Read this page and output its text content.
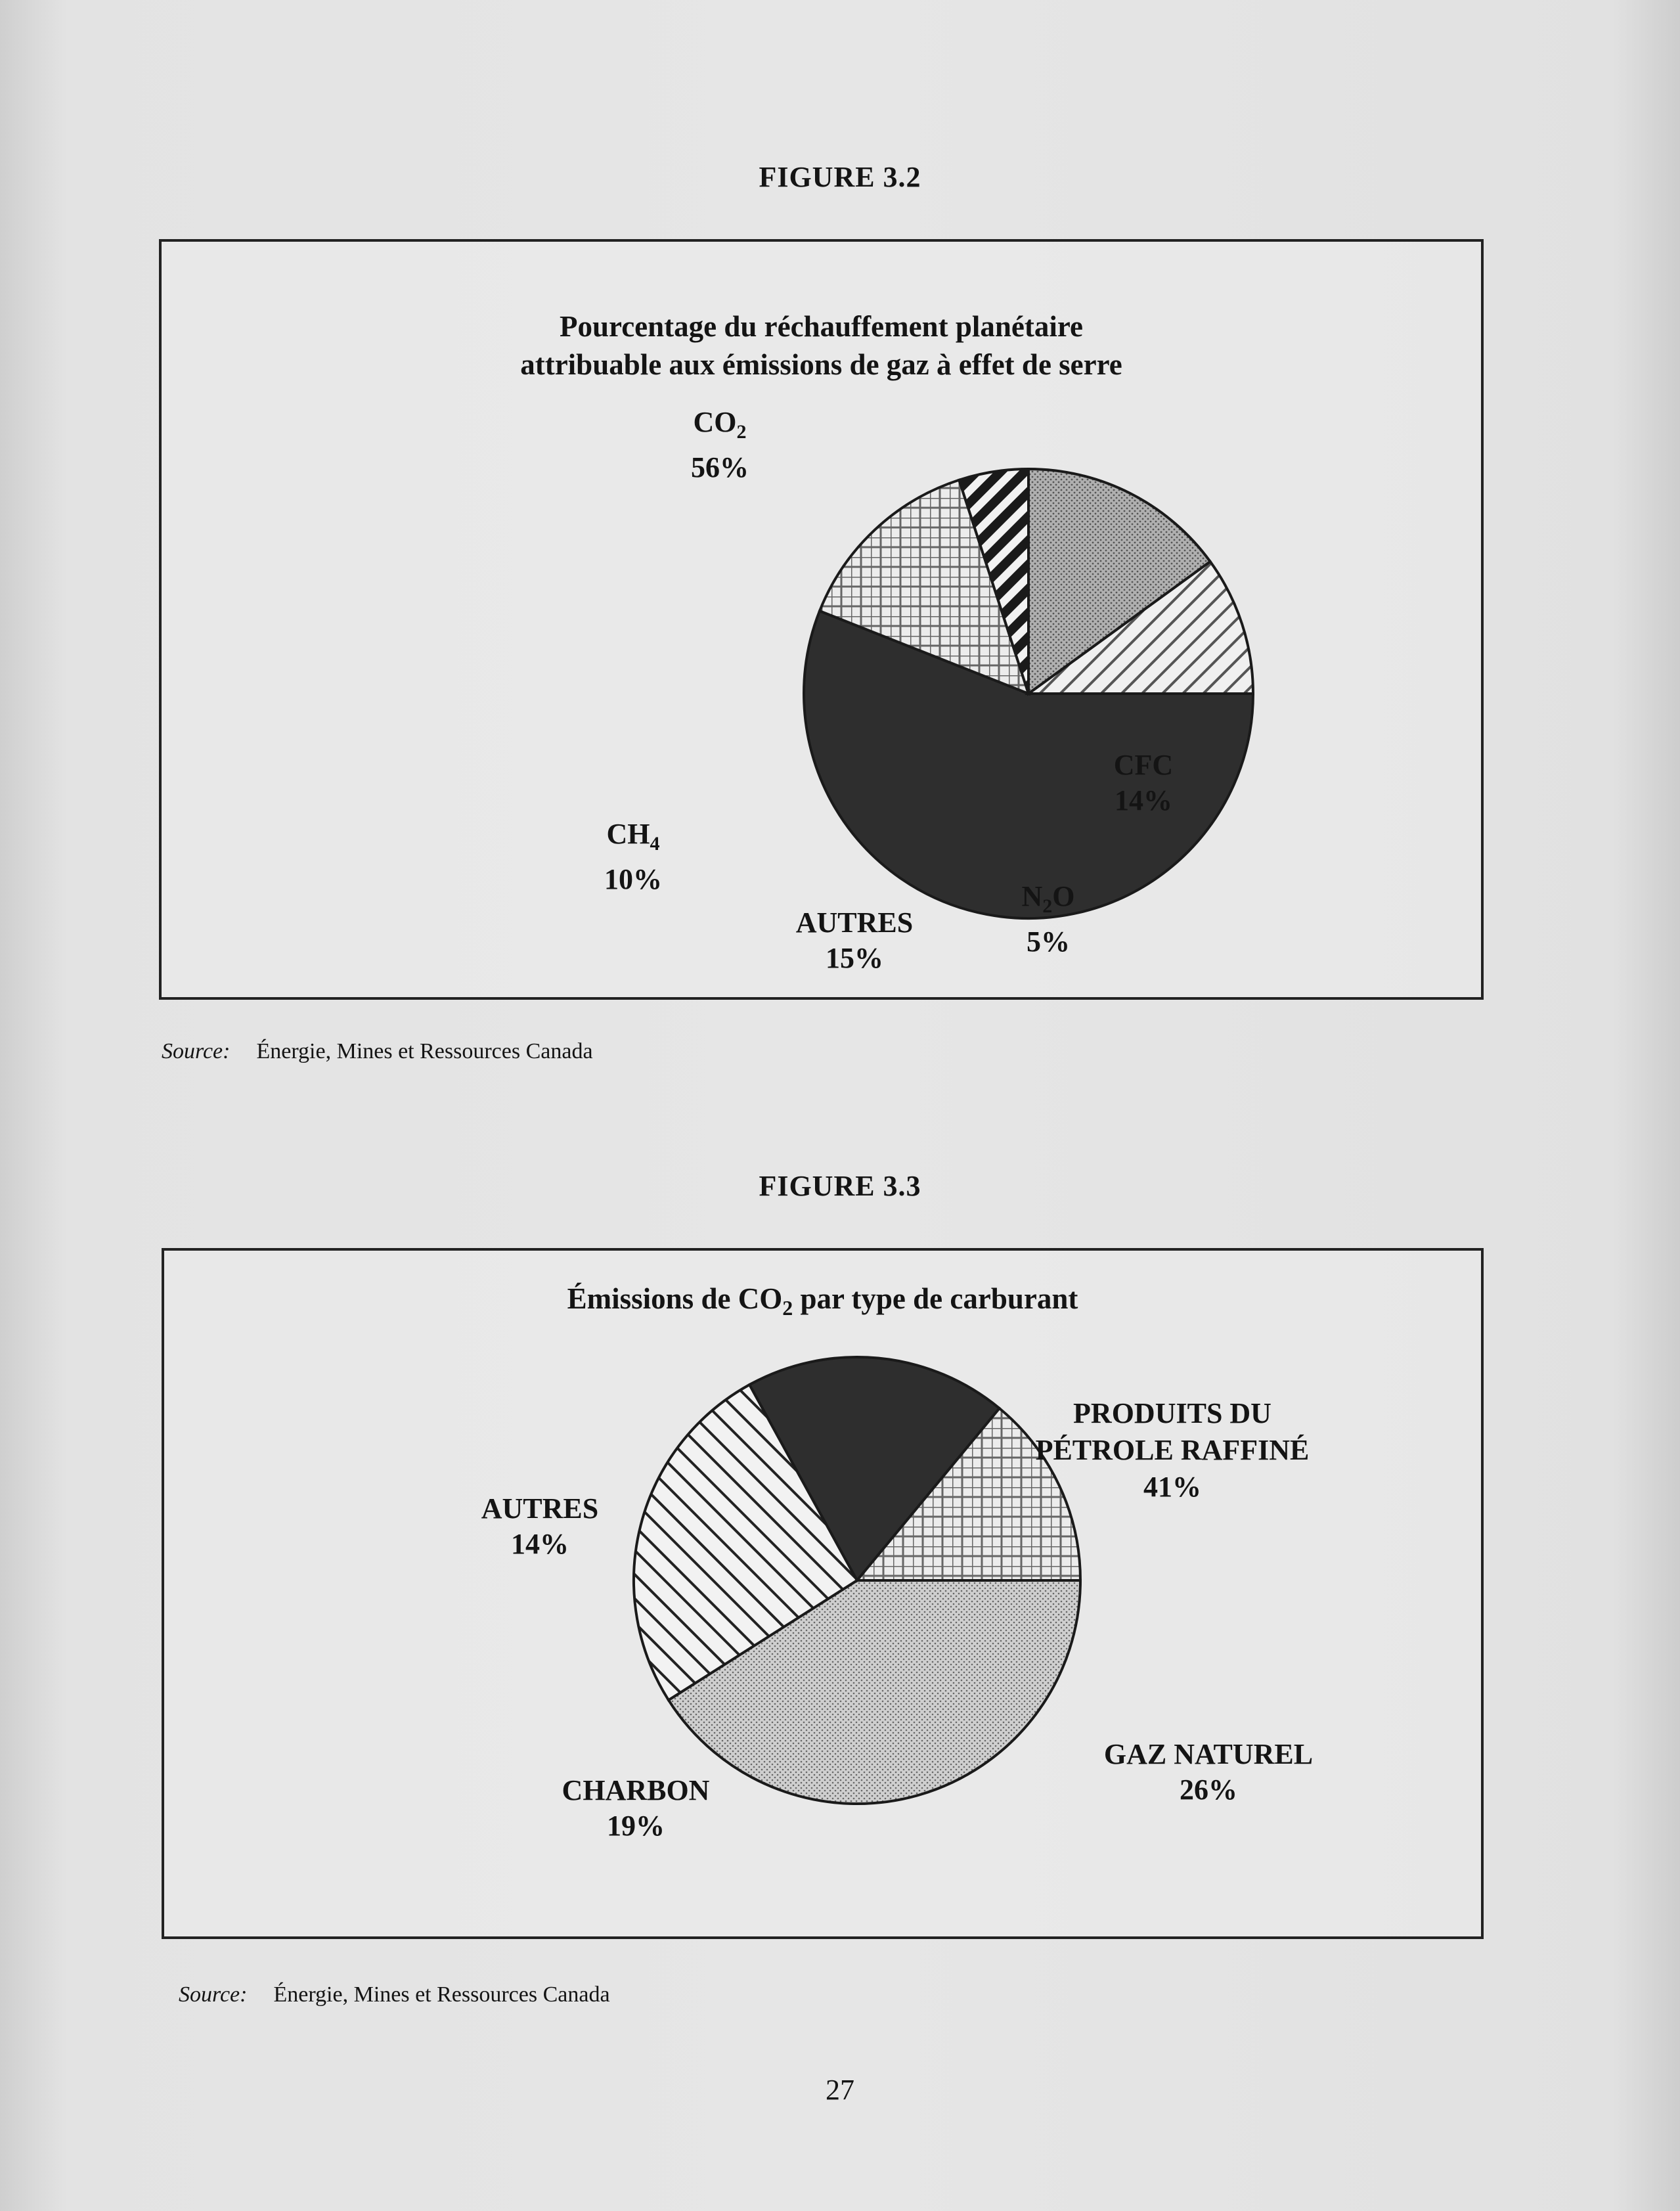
FIGURE 3.2
Pourcentage du réchauffement planétaire
attribuable aux émissions de gaz à effet de serre
$CO_2$
56%
CFC
14%
$N_2O$
5%
AUTRES
15%
$CH_4$
10%
Source: Énergie, Mines et Ressources Canada
FIGURE 3.3
Émissions de $CO_2$ par type de carburant
PRODUITS DU
PÉTROLE RAFFINÉ
41%
GAZ NATUREL
26%
CHARBON
19%
AUTRES
14%
Source: Énergie, Mines et Ressources Canada
27
